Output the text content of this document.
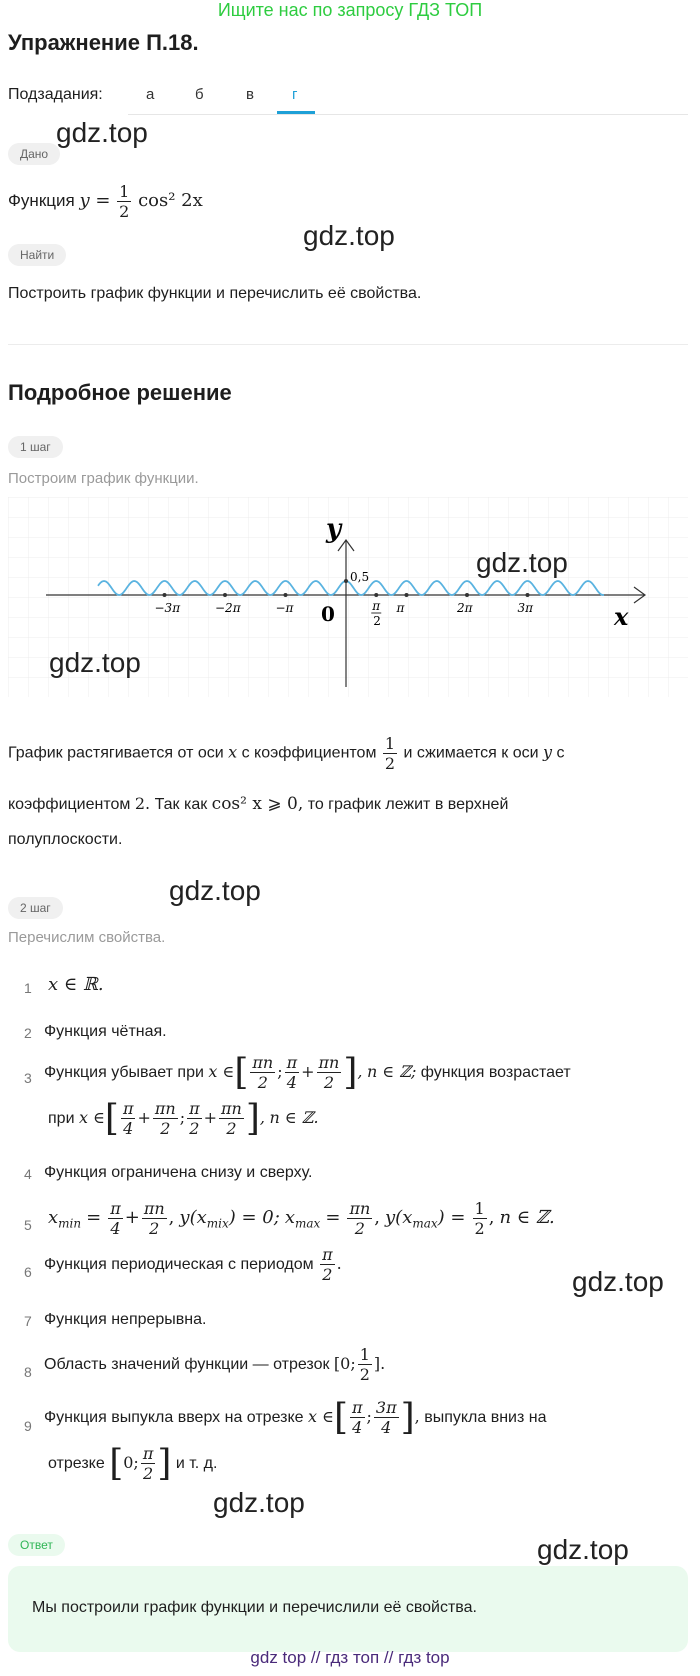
Ищите нас по запросу ГДЗ ТОП
Упражнение П.18.
Подзадания:	а	б	в	г
Дано
Функция $y = \frac{1}{2} \cos^2$ 2x
Найти
Построить график функции и перечислить её свойства.
Подробное решение
1 шаг
Построим график функции.
−3π	−2π	−π	π	2π	3π
π
2
y
x
0
0,5
График растягивается от оси x с коэффициентом $\frac{1}{2}$ и сжимается к оси y с
коэффициентом 2. Так как cos² x ⩾ 0, то график лежит в верхней
полуплоскости.
2 шаг
Перечислим свойства.
1 x ∈ ℝ.
2 Функция чётная.
3 Функция убывает при x ∈[ $\frac{\pi n}{2}$ ; $\frac{\pi}{4} + \frac{\pi n}{2}$ ], n ∈ ℤ; функция возрастает
при x ∈[ $\frac{\pi}{4} + \frac{\pi n}{2}$ ; $\frac{\pi}{2} + \frac{\pi n}{2}$ ], n ∈ ℤ.
4 Функция ограничена снизу и сверху.
5 $x_{min} = \frac{\pi}{4} + \frac{\pi n}{2}$ , $y(x_{mix}) = 0$; $x_{max} = \frac{\pi n}{2}$ , $y(x_{max}) = \frac{1}{2}$ , n ∈ ℤ.
6 Функция периодическая с периодом $\frac{\pi}{2}$ .
7 Функция непрерывна.
8 Область значений функции — отрезок [0; $\frac{1}{2}$ ].
9 Функция выпукла вверх на отрезке x ∈[ $\frac{\pi}{4}$ ; $\frac{3\pi}{4}$ ], выпукла вниз на
отрезке [0; $\frac{\pi}{2}$ ] и т. д.
Ответ
Мы построили график функции и перечислили её свойства.
gdz.top
gdz.top
gdz.top
gdz.top
gdz.top
gdz.top
gdz.top
gdz.top
gdz top // гдз топ // гдз top
